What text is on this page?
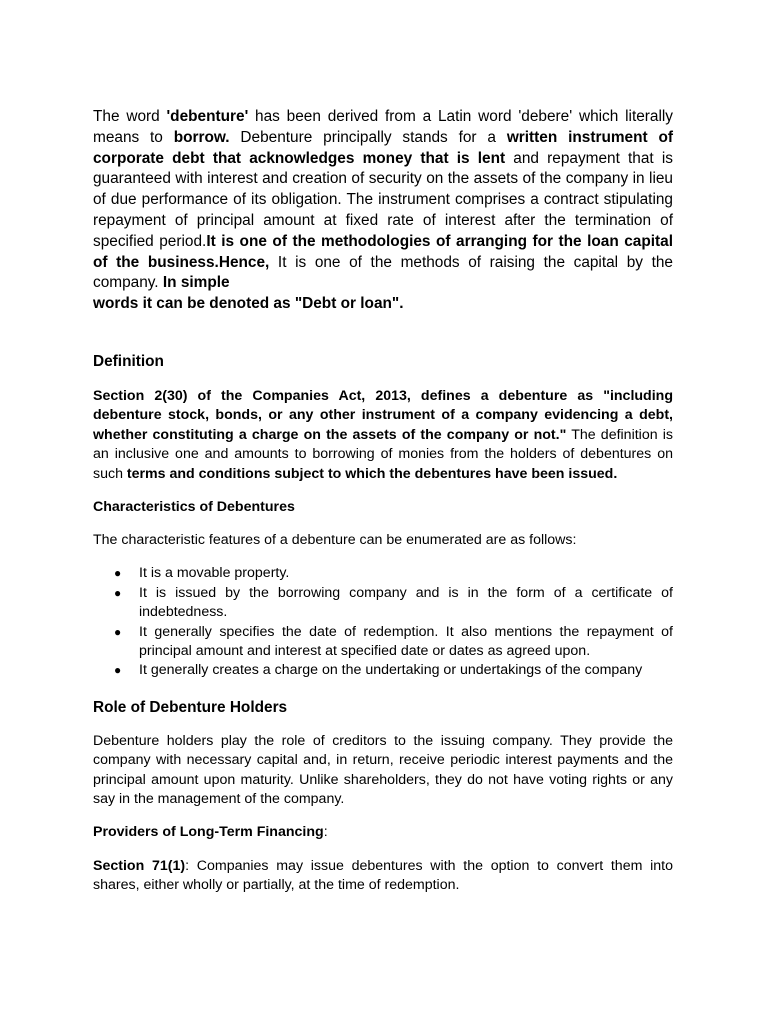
The word 'debenture' has been derived from a Latin word 'debere' which literally means to borrow. Debenture principally stands for a written instrument of corporate debt that acknowledges money that is lent and repayment that is guaranteed with interest and creation of security on the assets of the company in lieu of due performance of its obligation. The instrument comprises a contract stipulating repayment of principal amount at fixed rate of interest after the termination of specified period.It is one of the methodologies of arranging for the loan capital of the business.Hence, It is one of the methods of raising the capital by the company. In simple
words it can be denoted as "Debt or loan".

Definition

Section 2(30) of the Companies Act, 2013, defines a debenture as "including debenture stock, bonds, or any other instrument of a company evidencing a debt, whether constituting a charge on the assets of the company or not." The definition is an inclusive one and amounts to borrowing of monies from the holders of debentures on such terms and conditions subject to which the debentures have been issued.

Characteristics of Debentures

The characteristic features of a debenture can be enumerated are as follows:

● It is a movable property.
● It is issued by the borrowing company and is in the form of a certificate of indebtedness.
● It generally specifies the date of redemption. It also mentions the repayment of principal amount and interest at specified date or dates as agreed upon.
● It generally creates a charge on the undertaking or undertakings of the company
Role of Debenture Holders

Debenture holders play the role of creditors to the issuing company. They provide the company with necessary capital and, in return, receive periodic interest payments and the principal amount upon maturity. Unlike shareholders, they do not have voting rights or any say in the management of the company.

Providers of Long-Term Financing:

Section 71(1): Companies may issue debentures with the option to convert them into shares, either wholly or partially, at the time of redemption.
